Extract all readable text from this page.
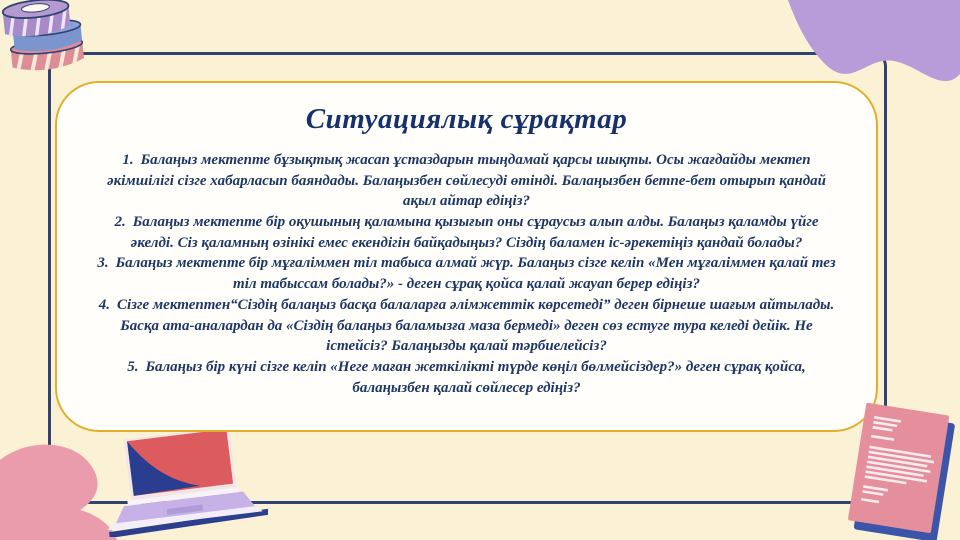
Ситуациялық сұрақтар

1. Балаңыз мектепте бұзықтық жасап ұстаздарын тыңдамай қарсы шықты. Осы жағдайды мектеп әкімшілігі сізге хабарласып баяндады. Балаңызбен сөйлесуді өтінді. Балаңызбен бетпе-бет отырып қандай ақыл айтар едіңіз?

2. Балаңыз мектепте бір оқушының қаламына қызығып оны сұраусыз алып алды. Балаңыз қаламды үйге әкелді. Сіз қаламның өзінікі емес екендігін байқадыңыз? Сіздің баламен іс-әрекетіңіз қандай болады?

3. Балаңыз мектепте бір мұғаліммен тіл табыса алмай жүр. Балаңыз сізге келіп «Мен мұғаліммен қалай тез тіл табыссам болады?» - деген сұрақ қойса қалай жауап берер едіңіз?

4. Сізге мектептен“Сіздің балаңыз басқа балаларға әлімжеттік көрсетеді” деген бірнеше шағым айтылады. Басқа ата-аналардан да «Сіздің балаңыз баламызға маза бермеді» деген сөз естуге тура келеді дейік. Не істейсіз? Балаңызды қалай тәрбиелейсіз?

5. Балаңыз бір күні сізге келіп «Неге маған жеткілікті түрде көңіл бөлмейсіздер?» деген сұрақ қойса, балаңызбен қалай сөйлесер едіңіз?
